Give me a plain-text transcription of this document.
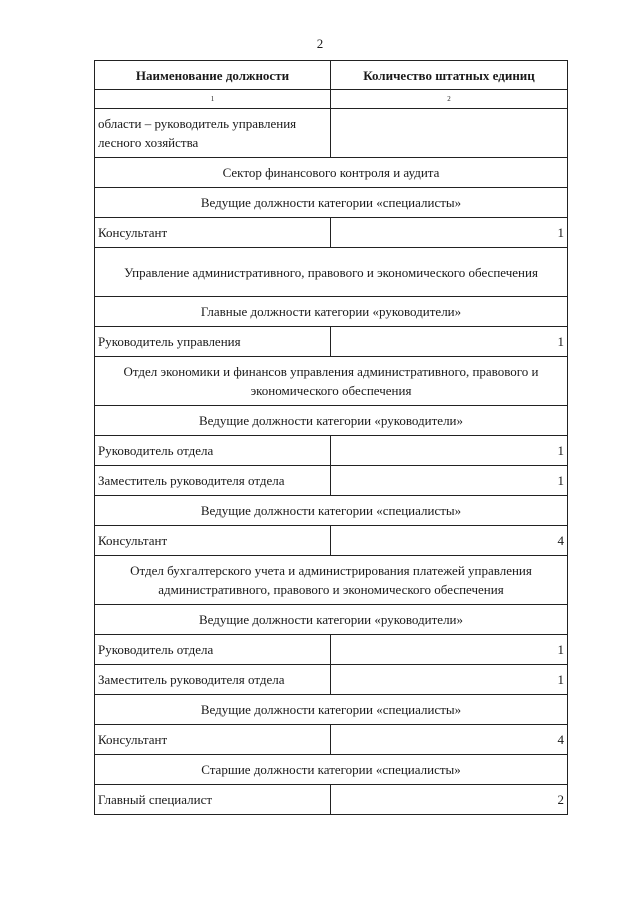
2
Наименование должности	Количество штатных единиц
1	2
области – руководитель управления лесного хозяйства	
Сектор финансового контроля и аудита	
Ведущие должности категории «специалисты»	
Консультант	1
Управление административного, правового и экономического обеспечения	
Главные должности категории «руководители»	
Руководитель управления	1
Отдел экономики и финансов управления административного, правового и экономического обеспечения	
Ведущие должности категории «руководители»	
Руководитель отдела	1
Заместитель руководителя отдела	1
Ведущие должности категории «специалисты»	
Консультант	4
Отдел бухгалтерского учета и администрирования платежей управления административного, правового и экономического обеспечения	
Ведущие должности категории «руководители»	
Руководитель отдела	1
Заместитель руководителя отдела	1
Ведущие должности категории «специалисты»	
Консультант	4
Старшие должности категории «специалисты»	
Главный специалист	2
